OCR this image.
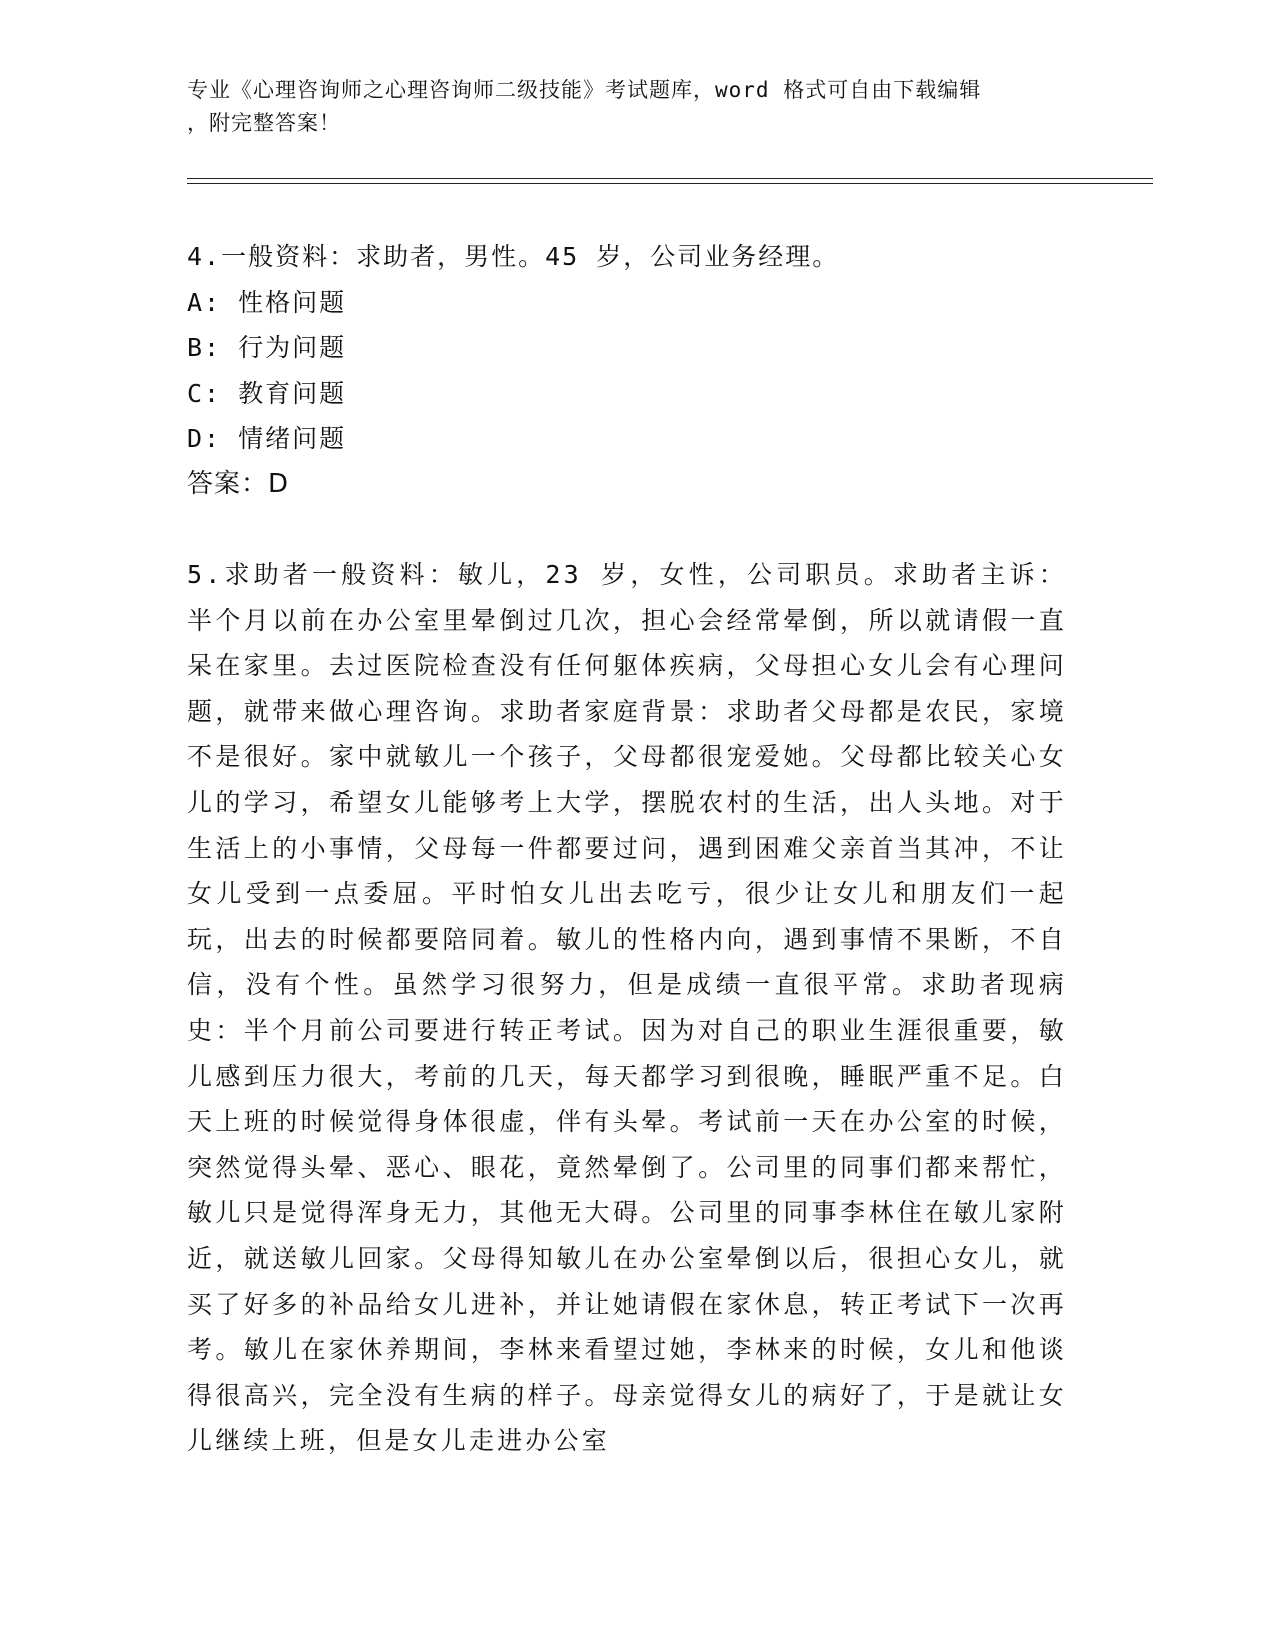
专业《心理咨询师之心理咨询师二级技能》考试题库，word 格式可自由下载编辑
，附完整答案！
4.一般资料：求助者，男性。45 岁，公司业务经理。
A: 性格问题
B: 行为问题
C: 教育问题
D: 情绪问题
答案：D
5.求助者一般资料：敏儿，23 岁，女性，公司职员。求助者主诉：半个月以前在办公室里晕倒过几次，担心会经常晕倒，所以就请假一直呆在家里。去过医院检查没有任何躯体疾病，父母担心女儿会有心理问题，就带来做心理咨询。求助者家庭背景：求助者父母都是农民，家境不是很好。家中就敏儿一个孩子，父母都很宠爱她。父母都比较关心女儿的学习，希望女儿能够考上大学，摆脱农村的生活，出人头地。对于生活上的小事情，父母每一件都要过问，遇到困难父亲首当其冲，不让女儿受到一点委屈。平时怕女儿出去吃亏，很少让女儿和朋友们一起玩，出去的时候都要陪同着。敏儿的性格内向，遇到事情不果断，不自信，没有个性。虽然学习很努力，但是成绩一直很平常。求助者现病史：半个月前公司要进行转正考试。因为对自己的职业生涯很重要，敏儿感到压力很大，考前的几天，每天都学习到很晚，睡眠严重不足。白天上班的时候觉得身体很虚，伴有头晕。考试前一天在办公室的时候，突然觉得头晕、恶心、眼花，竟然晕倒了。公司里的同事们都来帮忙，敏儿只是觉得浑身无力，其他无大碍。公司里的同事李林住在敏儿家附近，就送敏儿回家。父母得知敏儿在办公室晕倒以后，很担心女儿，就买了好多的补品给女儿进补，并让她请假在家休息，转正考试下一次再考。敏儿在家休养期间，李林来看望过她，李林来的时候，女儿和他谈得很高兴，完全没有生病的样子。母亲觉得女儿的病好了，于是就让女儿继续上班，但是女儿走进办公室
